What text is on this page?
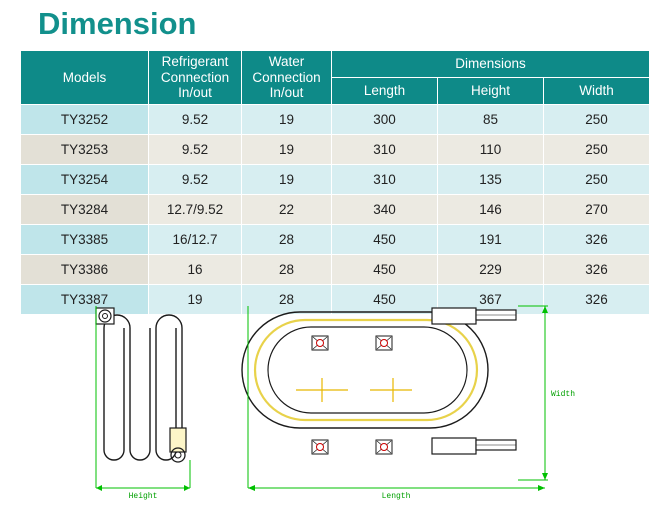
Dimension
Models	Refrigerant Connection In/out	Water Connection In/out	Dimensions		
			Length	Height	Width
TY3252	9.52	19	300	85	250
TY3253	9.52	19	310	110	250
TY3254	9.52	19	310	135	250
TY3284	12.7/9.52	22	340	146	270
TY3385	16/12.7	28	450	191	326
TY3386	16	28	450	229	326
TY3387	19	28	450	367	326
Height
Width
Length
